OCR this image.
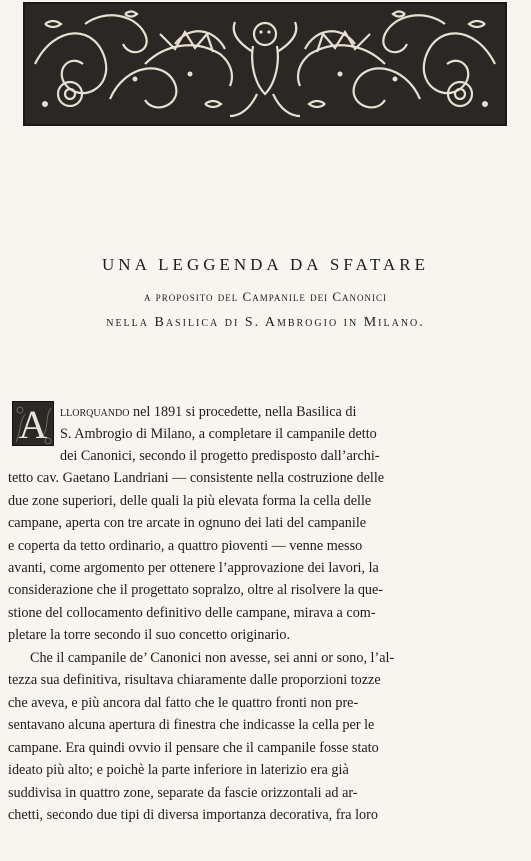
UNA LEGGENDA DA SFATARE
a proposito del Campanile dei Canonici
nella Basilica di S. Ambrogio in Milano.
A llorquando nel 1891 si procedette, nella Basilica di
S. Ambrogio di Milano, a completare il campanile detto
dei Canonici, secondo il progetto predisposto dall’archi-
tetto cav. Gaetano Landriani — consistente nella costruzione delle
due zone superiori, delle quali la più elevata forma la cella delle
campane, aperta con tre arcate in ognuno dei lati del campanile
e coperta da tetto ordinario, a quattro pioventi — venne messo
avanti, come argomento per ottenere l’approvazione dei lavori, la
considerazione che il progettato sopralzo, oltre al risolvere la que-
stione del collocamento definitivo delle campane, mirava a com-
pletare la torre secondo il suo concetto originario.
Che il campanile de’ Canonici non avesse, sei anni or sono, l’al-
tezza sua definitiva, risultava chiaramente dalle proporzioni tozze
che aveva, e più ancora dal fatto che le quattro fronti non pre-
sentavano alcuna apertura di finestra che indicasse la cella per le
campane. Era quindi ovvio il pensare che il campanile fosse stato
ideato più alto; e poichè la parte inferiore in laterizio era già
suddivisa in quattro zone, separate da fascie orizzontali ad ar-
chetti, secondo due tipi di diversa importanza decorativa, fra loro
